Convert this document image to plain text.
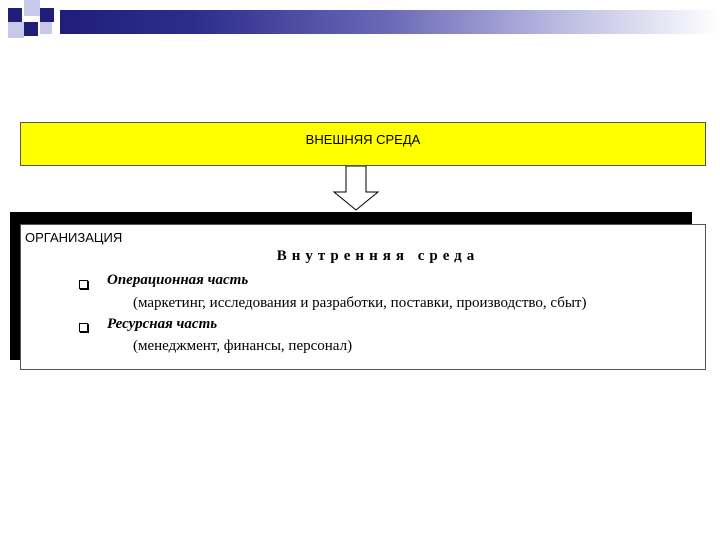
ВНЕШНЯЯ СРЕДА
ОРГАНИЗАЦИЯ
Внутренняя среда
Операционная часть
(маркетинг, исследования и разработки, поставки, производство, сбыт)
Ресурсная часть
(менеджмент, финансы, персонал)
